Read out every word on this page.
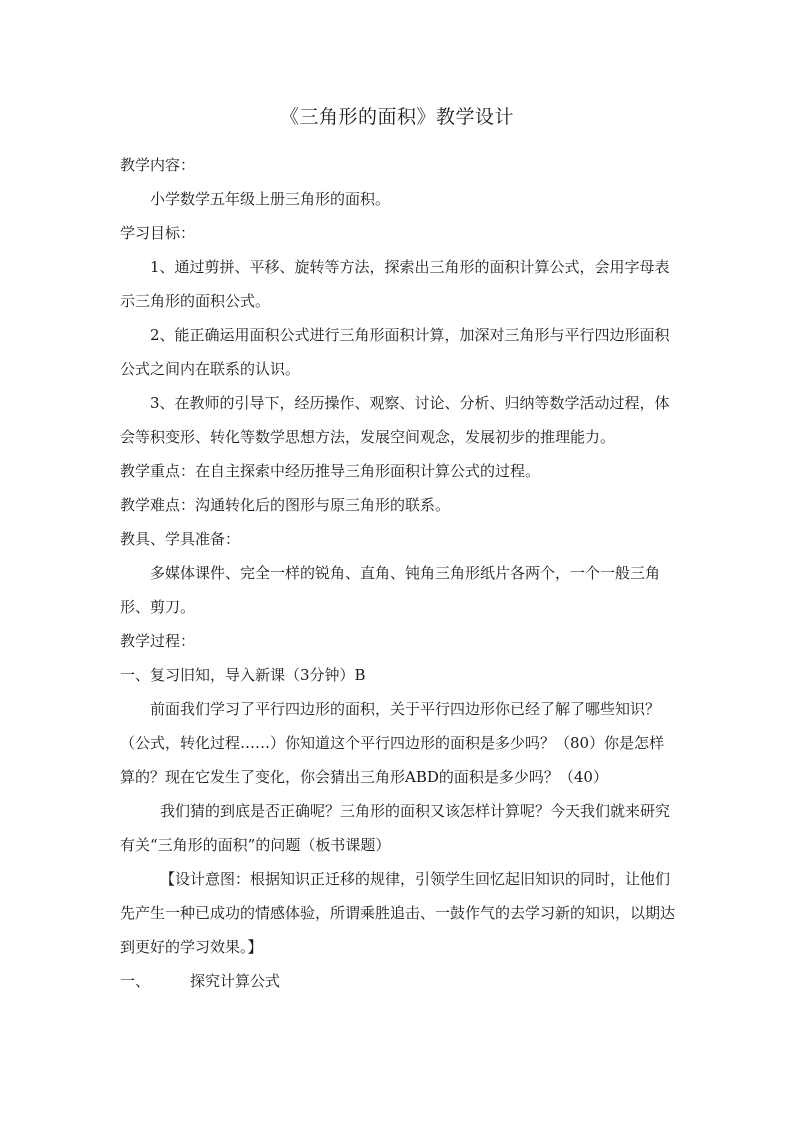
《三角形的面积》教学设计

教学内容：

小学数学五年级上册三角形的面积。

学习目标：

1、通过剪拼、平移、旋转等方法，探索出三角形的面积计算公式，会用字母表示三角形的面积公式。

2、能正确运用面积公式进行三角形面积计算，加深对三角形与平行四边形面积公式之间内在联系的认识。

3、在教师的引导下，经历操作、观察、讨论、分析、归纳等数学活动过程，体会等积变形、转化等数学思想方法，发展空间观念，发展初步的推理能力。

教学重点：在自主探索中经历推导三角形面积计算公式的过程。

教学难点：沟通转化后的图形与原三角形的联系。

教具、学具准备：

多媒体课件、完全一样的锐角、直角、钝角三角形纸片各两个，一个一般三角形、剪刀。

教学过程：

一、复习旧知，导入新课（3分钟）B

前面我们学习了平行四边形的面积，关于平行四边形你已经了解了哪些知识？（公式，转化过程……）你知道这个平行四边形的面积是多少吗？（80）你是怎样算的？现在它发生了变化，你会猜出三角形ABD的面积是多少吗？（40）

我们猜的到底是否正确呢？三角形的面积又该怎样计算呢？今天我们就来研究有关“三角形的面积”的问题（板书课题）

【设计意图：根据知识正迁移的规律，引领学生回忆起旧知识的同时，让他们先产生一种已成功的情感体验，所谓乘胜追击、一鼓作气的去学习新的知识，以期达到更好的学习效果。】

一、	探究计算公式
